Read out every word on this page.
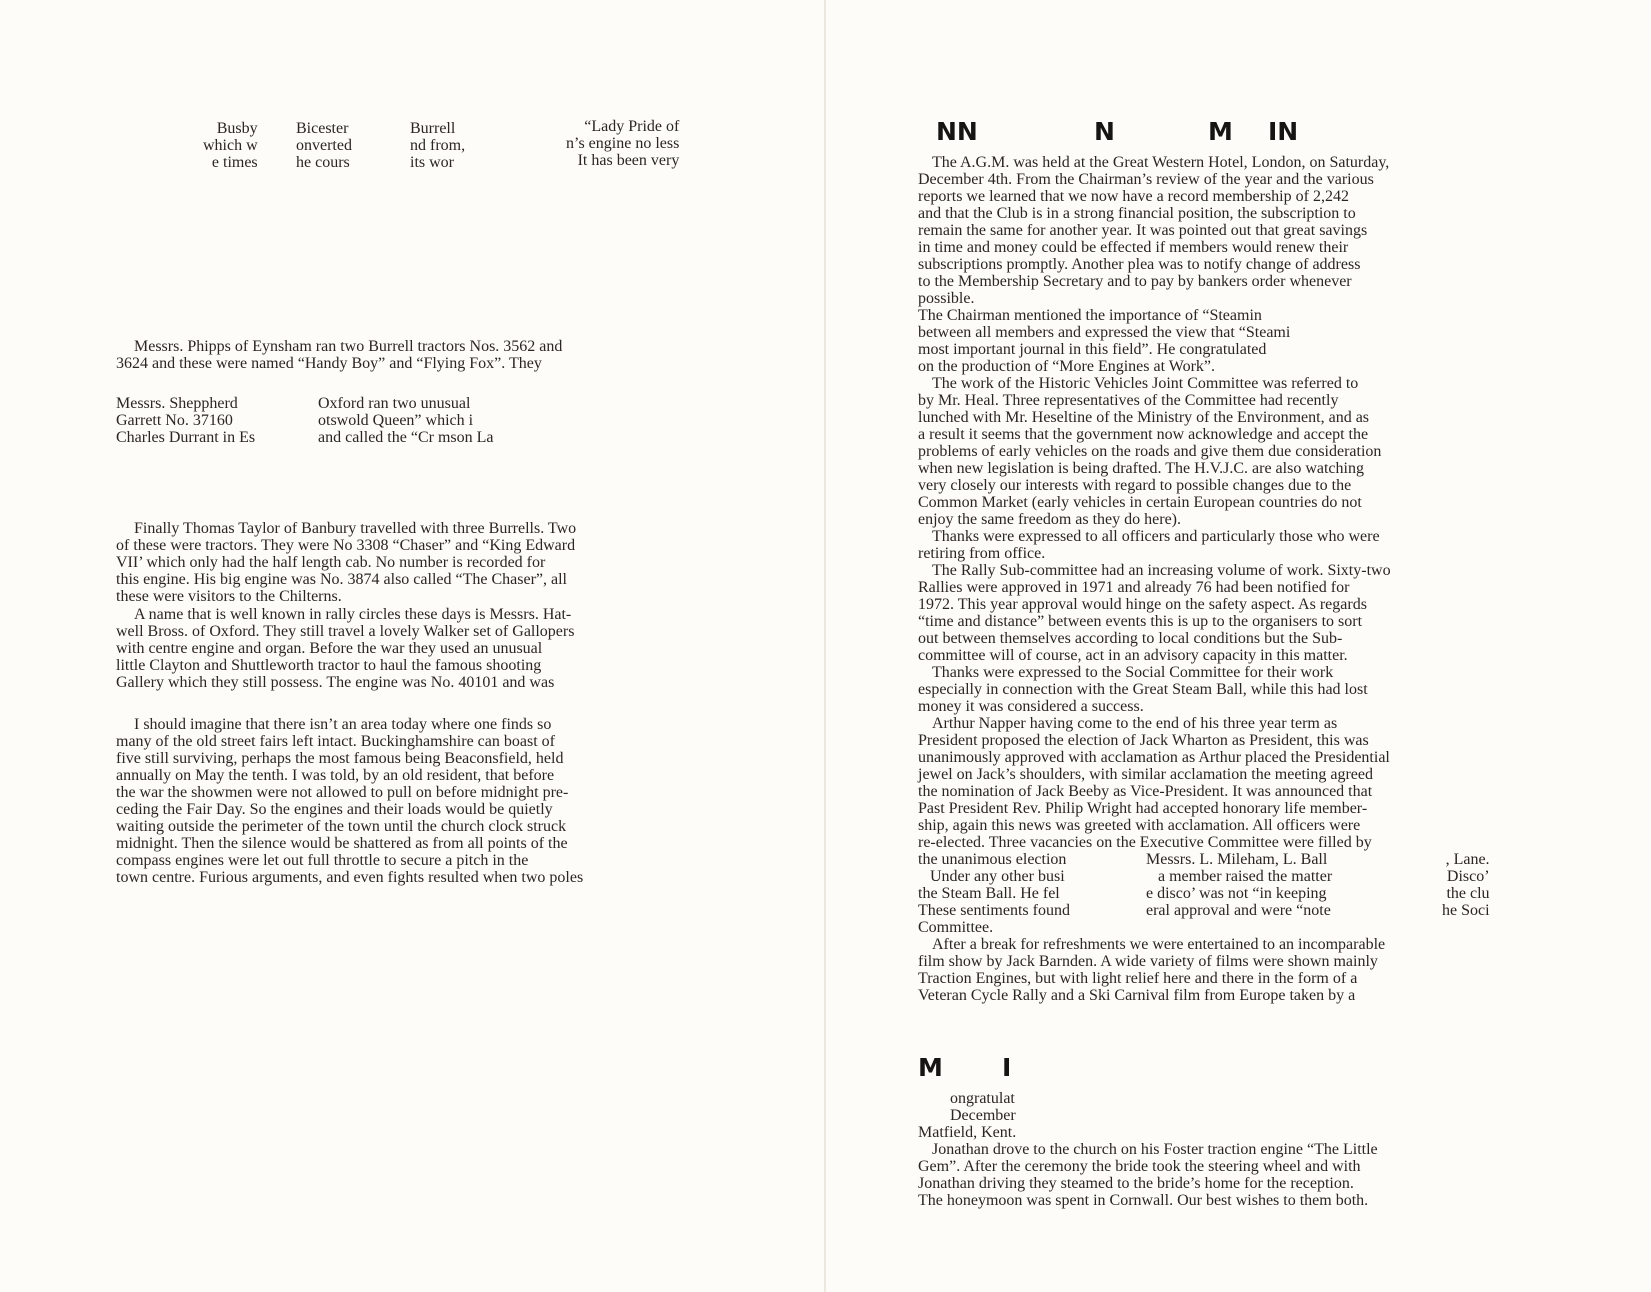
Busby
which w
e times

Bicester
onverted
he cours

Burrell
nd from,
its wor

“Lady Pride of
n’s engine no less
It has been very

Messrs. Phipps of Eynsham ran two Burrell tractors Nos. 3562 and
3624 and these were named “Handy Boy” and “Flying Fox”. They

Messrs. Sheppherd
Garrett No. 37160
Charles Durrant in Es

Oxford ran two unusual
otswold Queen” which i
and called the “Cr mson La

Finally Thomas Taylor of Banbury travelled with three Burrells. Two
of these were tractors. They were No 3308 “Chaser” and “King Edward
VII’ which only had the half length cab. No number is recorded for
this engine. His big engine was No. 3874 also called “The Chaser”, all
these were visitors to the Chilterns.

A name that is well known in rally circles these days is Messrs. Hat-
well Bross. of Oxford. They still travel a lovely Walker set of Gallopers
with centre engine and organ. Before the war they used an unusual
little Clayton and Shuttleworth tractor to haul the famous shooting
Gallery which they still possess. The engine was No. 40101 and was

I should imagine that there isn’t an area today where one finds so
many of the old street fairs left intact. Buckinghamshire can boast of
five still surviving, perhaps the most famous being Beaconsfield, held
annually on May the tenth. I was told, by an old resident, that before
the war the showmen were not allowed to pull on before midnight pre-
ceding the Fair Day. So the engines and their loads would be quietly
waiting outside the perimeter of the town until the church clock struck
midnight. Then the silence would be shattered as from all points of the
compass engines were let out full throttle to secure a pitch in the
town centre. Furious arguments, and even fights resulted when two poles

NN	N	M IN

The A.G.M. was held at the Great Western Hotel, London, on Saturday,
December 4th. From the Chairman’s review of the year and the various
reports we learned that we now have a record membership of 2,242
and that the Club is in a strong financial position, the subscription to
remain the same for another year. It was pointed out that great savings
in time and money could be effected if members would renew their
subscriptions promptly. Another plea was to notify change of address
to the Membership Secretary and to pay by bankers order whenever
possible.

The Chairman mentioned the importance of “Steamin
between all members and expressed the view that “Steami
most important journal in this field”. He congratulated
on the production of “More Engines at Work”.

The work of the Historic Vehicles Joint Committee was referred to
by Mr. Heal. Three representatives of the Committee had recently
lunched with Mr. Heseltine of the Ministry of the Environment, and as
a result it seems that the government now acknowledge and accept the
problems of early vehicles on the roads and give them due consideration
when new legislation is being drafted. The H.V.J.C. are also watching
very closely our interests with regard to possible changes due to the
Common Market (early vehicles in certain European countries do not
enjoy the same freedom as they do here).

Thanks were expressed to all officers and particularly those who were
retiring from office.

The Rally Sub-committee had an increasing volume of work. Sixty-two
Rallies were approved in 1971 and already 76 had been notified for
1972. This year approval would hinge on the safety aspect. As regards
“time and distance” between events this is up to the organisers to sort
out between themselves according to local conditions but the Sub-
committee will of course, act in an advisory capacity in this matter.

Thanks were expressed to the Social Committee for their work
especially in connection with the Great Steam Ball, while this had lost
money it was considered a success.

Arthur Napper having come to the end of his three year term as
President proposed the election of Jack Wharton as President, this was
unanimously approved with acclamation as Arthur placed the Presidential
jewel on Jack’s shoulders, with similar acclamation the meeting agreed
the nomination of Jack Beeby as Vice-President. It was announced that
Past President Rev. Philip Wright had accepted honorary life member-
ship, again this news was greeted with acclamation. All officers were
re-elected. Three vacancies on the Executive Committee were filled by

the unanimous election
Under any other busi
the Steam Ball. He fel
These sentiments found
Committee.

Messrs. L. Mileham, L. Ball
a member raised the matter
e disco’ was not “in keeping
eral approval and were “note

, Lane.
Disco’
the clu
he Soci

After a break for refreshments we were entertained to an incomparable
film show by Jack Barnden. A wide variety of films were shown mainly
Traction Engines, but with light relief here and there in the form of a
Veteran Cycle Rally and a Ski Carnival film from Europe taken by a

M I

ongratulat
December

Matfield, Kent.

Jonathan drove to the church on his Foster traction engine “The Little
Gem”. After the ceremony the bride took the steering wheel and with
Jonathan driving they steamed to the bride’s home for the reception.
The honeymoon was spent in Cornwall. Our best wishes to them both.
